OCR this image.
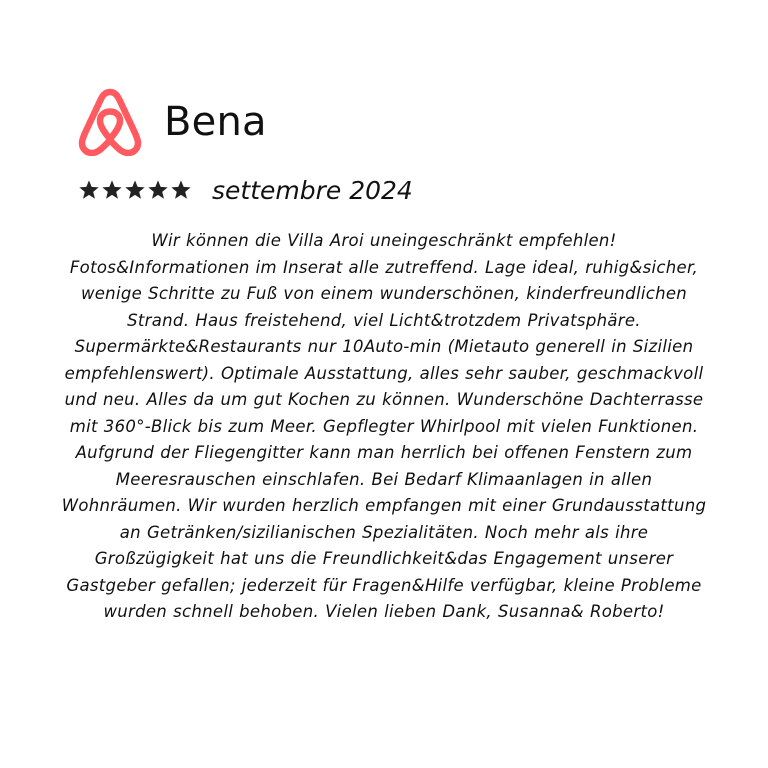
Bena
settembre 2024

Wir können die Villa Aroi uneingeschränkt empfehlen! Fotos&Informationen im Inserat alle zutreffend. Lage ideal, ruhig&sicher, wenige Schritte zu Fuß von einem wunderschönen, kinderfreundlichen Strand. Haus freistehend, viel Licht&trotzdem Privatsphäre. Supermärkte&Restaurants nur 10Auto-min (Mietauto generell in Sizilien empfehlenswert). Optimale Ausstattung, alles sehr sauber, geschmackvoll und neu. Alles da um gut Kochen zu können. Wunderschöne Dachterrasse mit 360°-Blick bis zum Meer. Gepflegter Whirlpool mit vielen Funktionen. Aufgrund der Fliegengitter kann man herrlich bei offenen Fenstern zum Meeresrauschen einschlafen. Bei Bedarf Klimaanlagen in allen Wohnräumen. Wir wurden herzlich empfangen mit einer Grundausstattung an Getränken/sizilianischen Spezialitäten. Noch mehr als ihre Großzügigkeit hat uns die Freundlichkeit&das Engagement unserer Gastgeber gefallen; jederzeit für Fragen&Hilfe verfügbar, kleine Probleme wurden schnell behoben. Vielen lieben Dank, Susanna& Roberto!
